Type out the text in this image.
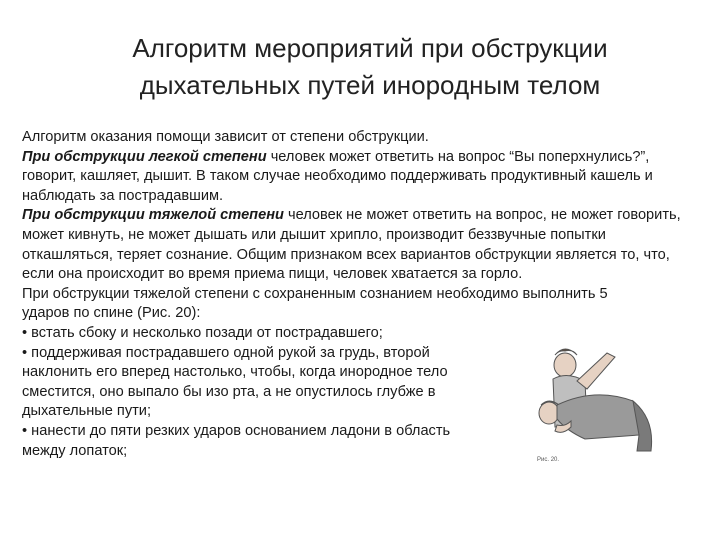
Алгоритм мероприятий при обструкции
дыхательных путей инородным телом

Алгоритм оказания помощи зависит от степени обструкции.

При обструкции легкой степени человек может ответить на вопрос “Вы поперхнулись?”, говорит, кашляет, дышит. В таком случае необходимо поддерживать продуктивный кашель и наблюдать за пострадавшим.

При обструкции тяжелой степени человек не может ответить на вопрос, не может говорить, может кивнуть, не может дышать или дышит хрипло, производит беззвучные попытки откашляться, теряет сознание. Общим признаком всех вариантов обструкции является то, что, если она происходит во время приема пищи, человек хватается за горло.

При обструкции тяжелой степени с сохраненным сознанием необходимо выполнить 5

ударов по спине (Рис. 20):

• встать сбоку и несколько позади от пострадавшего;

• поддерживая пострадавшего одной рукой за грудь, второй

наклонить его вперед настолько, чтобы, когда инородное тело

сместится, оно выпало бы изо рта, а не опустилось глубже в

дыхательные пути;

• нанести до пяти резких ударов основанием ладони в область

между лопаток;

Рис. 20.
